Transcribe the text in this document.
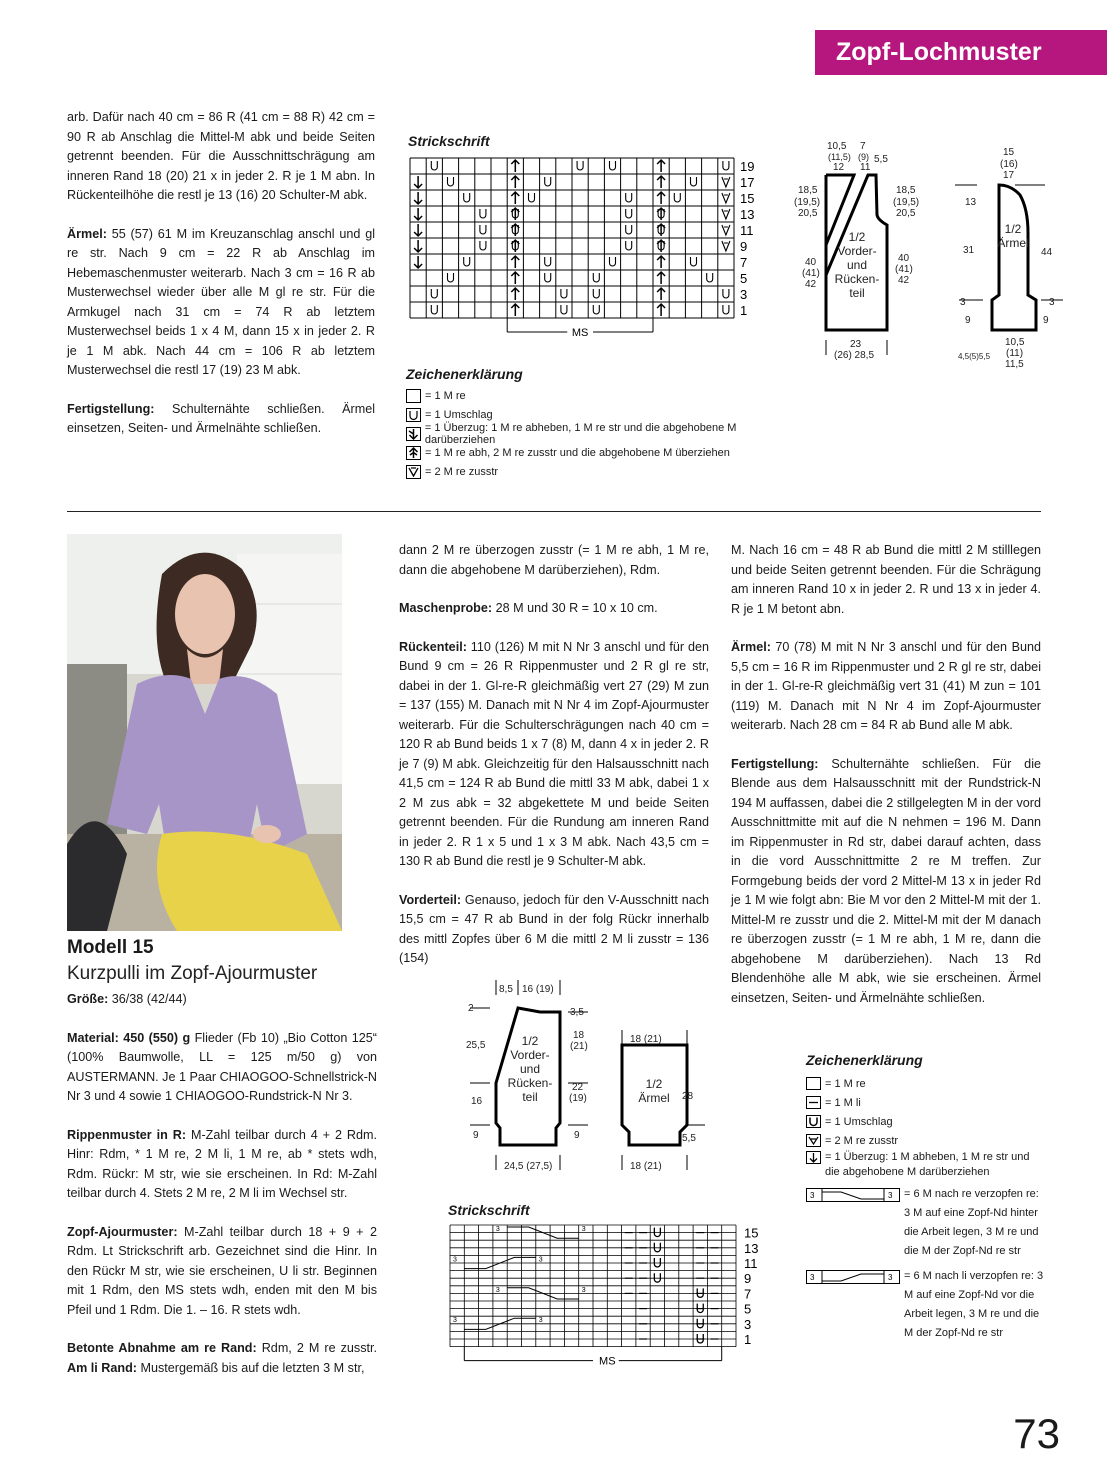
Zopf-Lochmuster

arb. Dafür nach 40 cm = 86 R (41 cm = 88 R) 42 cm = 90 R ab Anschlag die Mittel-M abk und beide Seiten getrennt beenden. Für die Ausschnittschrägung am inneren Rand 18 (20) 21 x in jeder 2. R je 1 M abn. In Rückenteilhöhe die restl je 13 (16) 20 Schulter-M abk.

Ärmel: 55 (57) 61 M im Kreuzanschlag anschl und gl re str. Nach 9 cm = 22 R ab Anschlag im Hebemaschenmuster weiterarb. Nach 3 cm = 16 R ab Musterwechsel wieder über alle M gl re str. Für die Armkugel nach 31 cm = 74 R ab letztem Musterwechsel beids 1 x 4 M, dann 15 x in jeder 2. R je 1 M abk. Nach 44 cm = 106 R ab letztem Musterwechsel die restl 17 (19) 23 M abk.

Fertigstellung: Schulternähte schließen. Ärmel einsetzen, Seiten- und Ärmelnähte schließen.

Strickschrift
19
17
15
13
11
9
7
5
3
1
MS
Zeichenerklärung
= 1 M re
= 1 Umschlag
= 1 Überzug: 1 M re abheben, 1 M re str und die abgehobene M darüberziehen
= 1 M re abh, 2 M re zusstr und die abgehobene M überziehen
= 2 M re zusstr
10,5
(11,5)
12
7
(9)
11
5,5
18,5
(19,5)
20,5
40
(41)
42
18,5
(19,5)
20,5
40
(41)
42
23
(26) 28,5
1/2
Vorder-
und
Rücken-
teil
15
(16)
17
13
31	44
3	3
9	9
10,5
(11)
11,5
4,5(5)5,5
1/2
Ärmel
Modell 15
Kurzpulli im Zopf-Ajourmuster

Größe: 36/38 (42/44)

Material: 450 (550) g Flieder (Fb 10) „Bio Cotton 125“ (100% Baumwolle, LL = 125 m/50 g) von AUSTERMANN. Je 1 Paar CHIAOGOO-Schnellstrick-N Nr 3 und 4 sowie 1 CHIAOGOO-Rundstrick-N Nr 3.

Rippenmuster in R: M-Zahl teilbar durch 4 + 2 Rdm. Hinr: Rdm, * 1 M re, 2 M li, 1 M re, ab * stets wdh, Rdm. Rückr: M str, wie sie erscheinen. In Rd: M-Zahl teilbar durch 4. Stets 2 M re, 2 M li im Wechsel str.

Zopf-Ajourmuster: M-Zahl teilbar durch 18 + 9 + 2 Rdm. Lt Strickschrift arb. Gezeichnet sind die Hinr. In den Rückr M str, wie sie erscheinen, U li str. Beginnen mit 1 Rdm, den MS stets wdh, enden mit den M bis Pfeil und 1 Rdm. Die 1. – 16. R stets wdh.

Betonte Abnahme am re Rand: Rdm, 2 M re zusstr. Am li Rand: Mustergemäß bis auf die letzten 3 M str,

dann 2 M re überzogen zusstr (= 1 M re abh, 1 M re, dann die abgehobene M darüberziehen), Rdm.

Maschenprobe: 28 M und 30 R = 10 x 10 cm.

Rückenteil: 110 (126) M mit N Nr 3 anschl und für den Bund 9 cm = 26 R Rippenmuster und 2 R gl re str, dabei in der 1. Gl-re-R gleichmäßig vert 27 (29) M zun = 137 (155) M. Danach mit N Nr 4 im Zopf-Ajourmuster weiterarb. Für die Schulterschrägungen nach 40 cm = 120 R ab Bund beids 1 x 7 (8) M, dann 4 x in jeder 2. R je 7 (9) M abk. Gleichzeitig für den Halsausschnitt nach 41,5 cm = 124 R ab Bund die mittl 33 M abk, dabei 1 x 2 M zus abk = 32 abgekettete M und beide Seiten getrennt beenden. Für die Rundung am inneren Rand in jeder 2. R 1 x 5 und 1 x 3 M abk. Nach 43,5 cm = 130 R ab Bund die restl je 9 Schulter-M abk.

Vorderteil: Genauso, jedoch für den V-Ausschnitt nach 15,5 cm = 47 R ab Bund in der folg Rückr innerhalb des mittl Zopfes über 6 M die mittl 2 M li zusstr = 136 (154)

M. Nach 16 cm = 48 R ab Bund die mittl 2 M stilllegen und beide Seiten getrennt beenden. Für die Schrägung am inneren Rand 10 x in jeder 2. R und 13 x in jeder 4. R je 1 M betont abn.

Ärmel: 70 (78) M mit N Nr 3 anschl und für den Bund 5,5 cm = 16 R im Rippenmuster und 2 R gl re str, dabei in der 1. Gl-re-R gleichmäßig vert 31 (41) M zun = 101 (119) M. Danach mit N Nr 4 im Zopf-Ajourmuster weiterarb. Nach 28 cm = 84 R ab Bund alle M abk.

Fertigstellung: Schulternähte schließen. Für die Blende aus dem Halsausschnitt mit der Rundstrick-N 194 M auffassen, dabei die 2 stillgelegten M in der vord Ausschnittmitte mit auf die N nehmen = 196 M. Dann im Rippenmuster in Rd str, dabei darauf achten, dass in die vord Ausschnittmitte 2 re M treffen. Zur Formgebung beids der vord 2 Mittel-M 13 x in jeder Rd je 1 M wie folgt abn: Bie M vor den 2 Mittel-M mit der 1. Mittel-M re zusstr und die 2. Mittel-M mit der M danach re überzogen zusstr (= 1 M re abh, 1 M re, dann die abgehobene M darüberziehen). Nach 13 Rd Blendenhöhe alle M abk, wie sie erscheinen. Ärmel einsetzen, Seiten- und Ärmelnähte schließen.

8,5 16 (19)
2	3,5
25,5
18
(21)
22
(19)
16
9	9
24,5 (27,5)
18 (21)
28
5,5
18 (21)
1/2
Vorder-
und
Rücken-
teil
1/2
Ärmel
Strickschrift
3	3
3	3
3	3
3	3
15
13
11
9
7
5
3
1
MS
Zeichenerklärung
= 1 M re
= 1 M li
= 1 Umschlag
= 2 M re zusstr
= 1 Überzug: 1 M abheben, 1 M re str und die abgehobene M darüberziehen
3	3 = 6 M nach re verzopfen re: 3 M auf eine Zopf-Nd hinter die Arbeit legen, 3 M re und die M der Zopf-Nd re str
3	3 = 6 M nach li verzopfen re: 3 M auf eine Zopf-Nd vor die Arbeit legen, 3 M re und die M der Zopf-Nd re str
73
